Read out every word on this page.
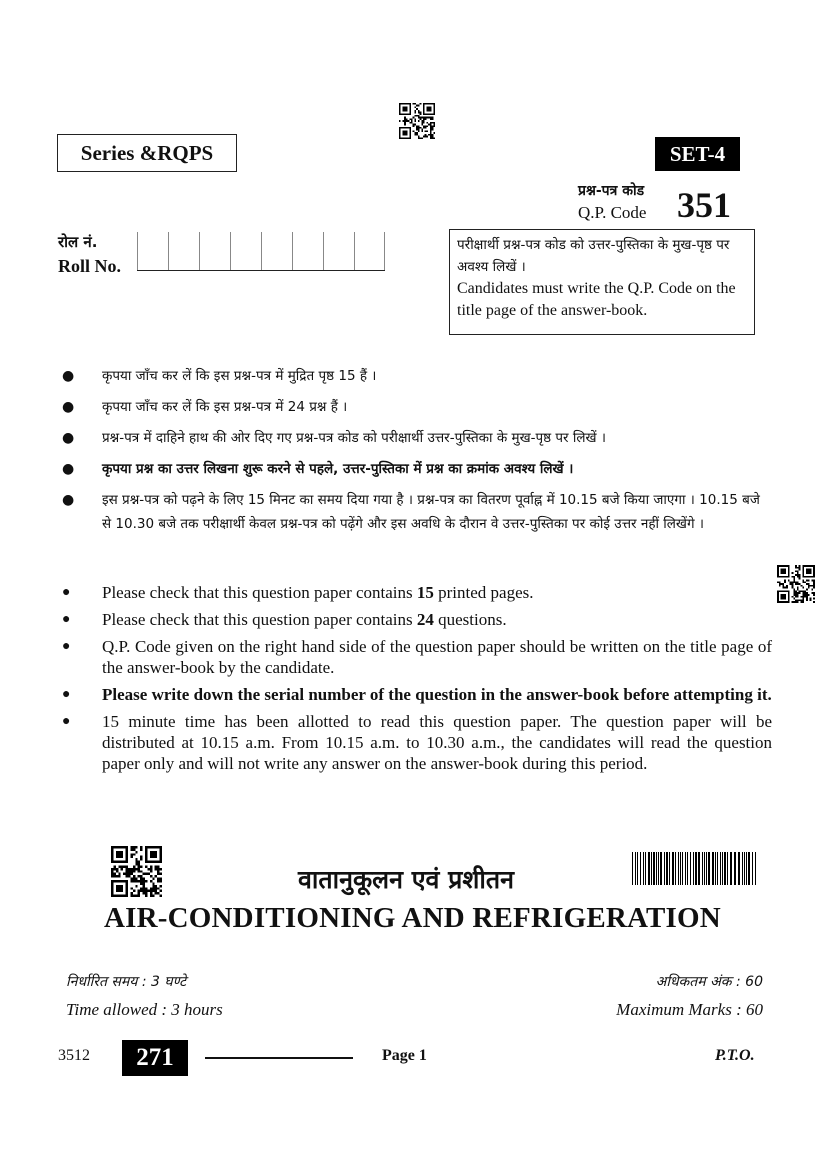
Series &RQPS	SET-4
प्रश्न-पत्र कोड
Q.P. Code 351
रोल नं.
Roll No.
परीक्षार्थी प्रश्न-पत्र कोड को उत्तर-पुस्तिका के मुख-पृष्ठ पर अवश्य लिखें ।
Candidates must write the Q.P. Code on the title page of the answer-book.
●	कृपया जाँच कर लें कि इस प्रश्न-पत्र में मुद्रित पृष्ठ 15 हैं ।
●	कृपया जाँच कर लें कि इस प्रश्न-पत्र में 24 प्रश्न हैं ।
●	प्रश्न-पत्र में दाहिने हाथ की ओर दिए गए प्रश्न-पत्र कोड को परीक्षार्थी उत्तर-पुस्तिका के मुख-पृष्ठ पर लिखें ।
●	कृपया प्रश्न का उत्तर लिखना शुरू करने से पहले, उत्तर-पुस्तिका में प्रश्न का क्रमांक अवश्य लिखें ।
●	इस प्रश्न-पत्र को पढ़ने के लिए 15 मिनट का समय दिया गया है । प्रश्न-पत्र का वितरण पूर्वाह्न में 10.15 बजे किया जाएगा । 10.15 बजे से 10.30 बजे तक परीक्षार्थी केवल प्रश्न-पत्र को पढ़ेंगे और इस अवधि के दौरान वे उत्तर-पुस्तिका पर कोई उत्तर नहीं लिखेंगे ।
●	Please check that this question paper contains 15 printed pages.
●	Please check that this question paper contains 24 questions.
●	Q.P. Code given on the right hand side of the question paper should be written on the title page of the answer-book by the candidate.
●	Please write down the serial number of the question in the answer-book before attempting it.
●	15 minute time has been allotted to read this question paper. The question paper will be distributed at 10.15 a.m. From 10.15 a.m. to 10.30 a.m., the candidates will read the question paper only and will not write any answer on the answer-book during this period.
वातानुकूलन एवं प्रशीतन
AIR-CONDITIONING AND REFRIGERATION
निर्धारित समय : 3 घण्टे
Time allowed : 3 hours
अधिकतम अंक : 60
Maximum Marks : 60
3512	271	Page 1	P.T.O.
